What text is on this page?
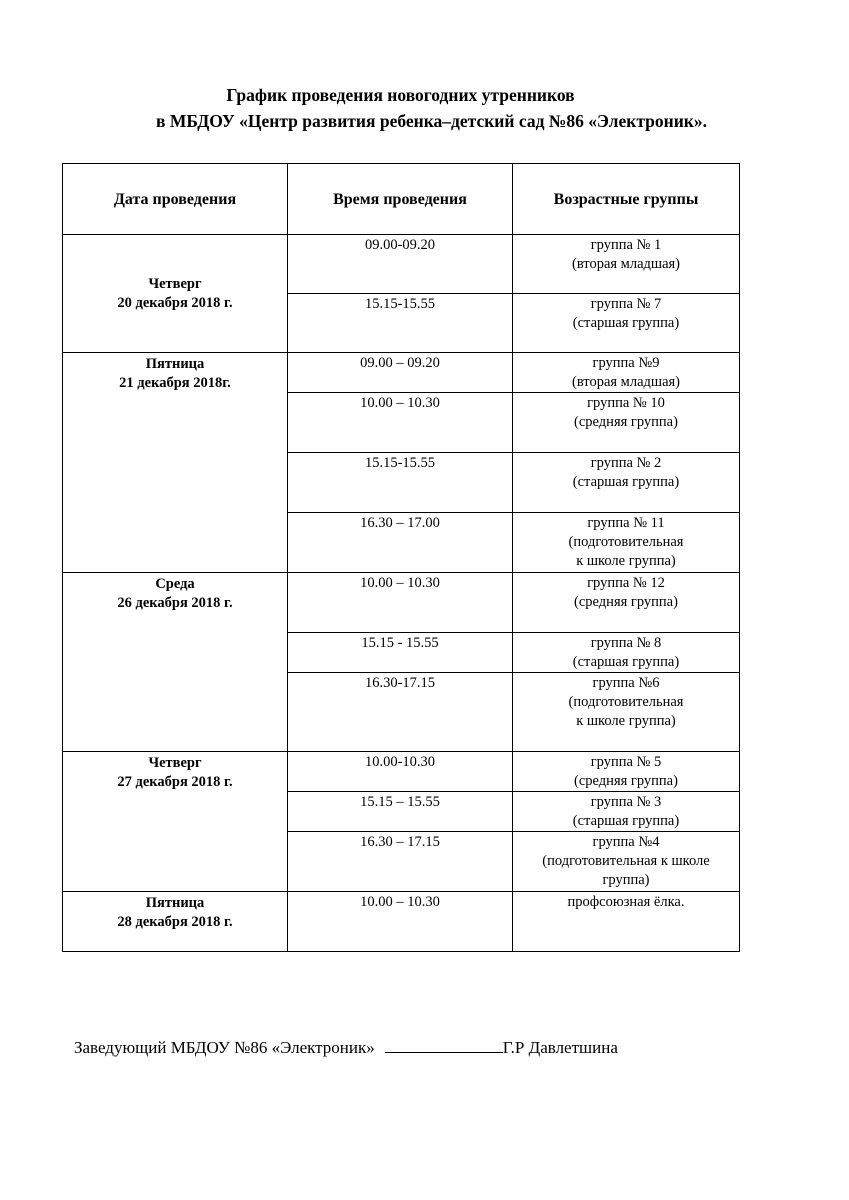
График проведения новогодних утренников
в МБДОУ «Центр развития ребенка–детский сад №86 «Электроник».
Дата проведения	Время проведения	Возрастные группы

Четверг
20 декабря 2018 г.	09.00-09.20	группа № 1
(вторая младшая)

	15.15-15.55	группа № 7
(старшая группа)

Пятница
21 декабря 2018г.	09.00 – 09.20	группа №9
(вторая младшая)

	10.00 – 10.30	группа № 10
(средняя группа)

	15.15-15.55	группа № 2
(старшая группа)

	16.30 – 17.00	группа № 11
(подготовительная
к школе группа)

Среда
26 декабря 2018 г.	10.00 – 10.30	группа № 12
(средняя группа)

	15.15 - 15.55	группа № 8
(старшая группа)

	16.30-17.15	группа №6
(подготовительная
к школе группа)

Четверг
27 декабря 2018 г.	10.00-10.30	группа № 5
(средняя группа)

	15.15 – 15.55	группа № 3
(старшая группа)

	16.30 – 17.15	группа №4
(подготовительная к школе
группа)

Пятница
28 декабря 2018 г.	10.00 – 10.30	профсоюзная ёлка.
Заведующий МБДОУ №86 «Электроник»	Г.Р Давлетшина
